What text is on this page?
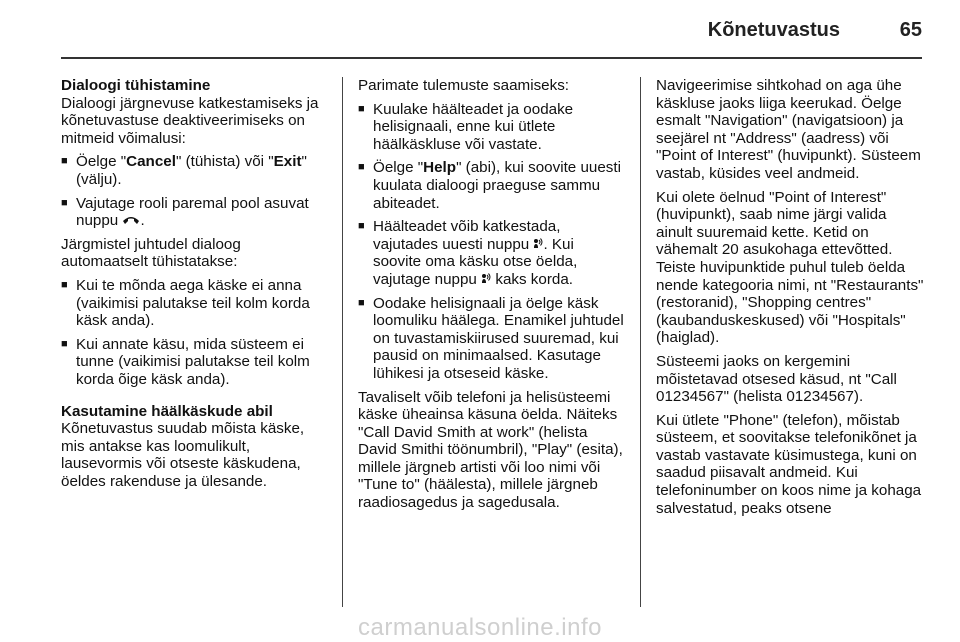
Kõnetuvastus	65
Dialoogi tühistamine

Dialoogi järgnevuse katkestamiseks ja kõnetuvastuse deaktiveerimiseks on mitmeid võimalusi:

■ Öelge "Cancel" (tühista) või "Exit" (välju).
■ Vajutage rooli paremal pool asuvat nuppu .

Järgmistel juhtudel dialoog automaatselt tühistatakse:

■ Kui te mõnda aega käske ei anna (vaikimisi palutakse teil kolm korda käsk anda).
■ Kui annate käsu, mida süsteem ei tunne (vaikimisi palutakse teil kolm korda õige käsk anda).
Kasutamine häälkäskude abil

Kõnetuvastus suudab mõista käske, mis antakse kas loomulikult, lausevormis või otseste käskudena, öeldes rakenduse ja ülesande.

Parimate tulemuste saamiseks:

■ Kuulake häälteadet ja oodake helisignaali, enne kui ütlete häälkäskluse või vastate.
■ Öelge "Help" (abi), kui soovite uuesti kuulata dialoogi praeguse sammu abiteadet.
■ Häälteadet võib katkestada, vajutades uuesti nuppu . Kui soovite oma käsku otse öelda, vajutage nuppu kaks korda.
■ Oodake helisignaali ja öelge käsk loomuliku häälega. Enamikel juhtudel on tuvastamiskiirused suuremad, kui pausid on minimaalsed. Kasutage lühikesi ja otseseid käske.

Tavaliselt võib telefoni ja helisüsteemi käske üheainsa käsuna öelda. Näiteks "Call David Smith at work" (helista David Smithi töönumbril), "Play" (esita), millele järgneb artisti või loo nimi või "Tune to" (häälesta), millele järgneb raadiosagedus ja sagedusala.

Navigeerimise sihtkohad on aga ühe käskluse jaoks liiga keerukad. Öelge esmalt "Navigation" (navigatsioon) ja seejärel nt "Address" (aadress) või "Point of Interest" (huvipunkt). Süsteem vastab, küsides veel andmeid.

Kui olete öelnud "Point of Interest" (huvipunkt), saab nime järgi valida ainult suuremaid kette. Ketid on vähemalt 20 asukohaga ettevõtted. Teiste huvipunktide puhul tuleb öelda nende kategooria nimi, nt "Restaurants" (restoranid), "Shopping centres" (kaubanduskeskused) või "Hospitals" (haiglad).

Süsteemi jaoks on kergemini mõistetavad otsesed käsud, nt "Call 01234567" (helista 01234567).

Kui ütlete "Phone" (telefon), mõistab süsteem, et soovitakse telefonikõnet ja vastab vastavate küsimustega, kuni on saadud piisavalt andmeid. Kui telefoninumber on koos nime ja kohaga salvestatud, peaks otsene

carmanualsonline.info
